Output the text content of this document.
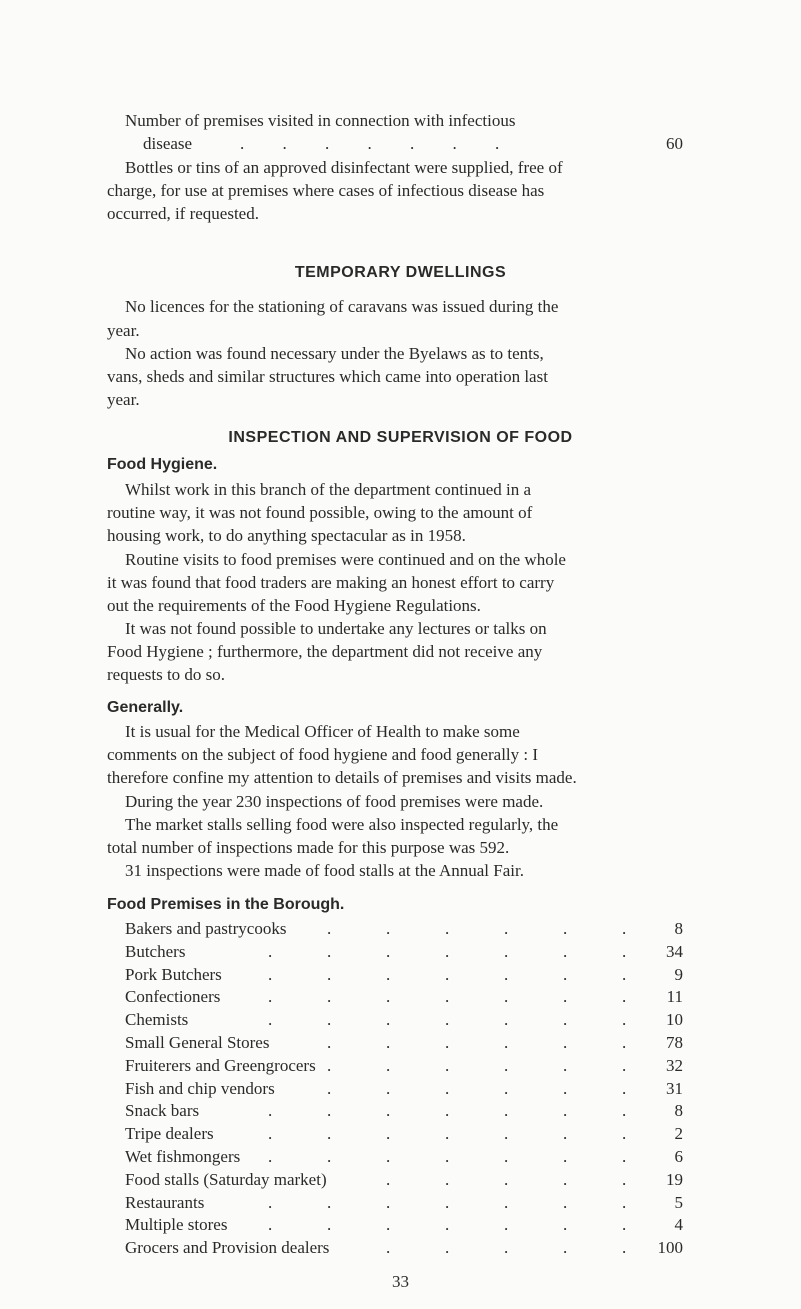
Number of premises visited in connection with infectious
disease	.   .   .   .   .   .   .	60
Bottles or tins of an approved disinfectant were supplied, free of
charge, for use at premises where cases of infectious disease has
occurred, if requested.
TEMPORARY DWELLINGS
No licences for the stationing of caravans was issued during the
year.
No action was found necessary under the Byelaws as to tents,
vans, sheds and similar structures which came into operation last
year.
INSPECTION AND SUPERVISION OF FOOD
Food Hygiene.
Whilst work in this branch of the department continued in a
routine way, it was not found possible, owing to the amount of
housing work, to do anything spectacular as in 1958.
Routine visits to food premises were continued and on the whole
it was found that food traders are making an honest effort to carry
out the requirements of the Food Hygiene Regulations.
It was not found possible to undertake any lectures or talks on
Food Hygiene ; furthermore, the department did not receive any
requests to do so.
Generally.
It is usual for the Medical Officer of Health to make some
comments on the subject of food hygiene and food generally : I
therefore confine my attention to details of premises and visits made.
During the year 230 inspections of food premises were made.
The market stalls selling food were also inspected regularly, the
total number of inspections made for this purpose was 592.
31 inspections were made of food stalls at the Annual Fair.
Food Premises in the Borough.
Bakers and pastrycooks .	.	.	.	.	.	8
Butchers	.	.	.	.	.	.	.	34
Pork Butchers	.	.	.	.	.	.	.	9
Confectioners	.	.	.	.	.	.	.	11
Chemists	.	.	.	.	.	.	.	10
Small General Stores	.	.	.	.	.	.	78
Fruiterers and Greengrocers .	.	.	.	.	.	32
Fish and chip vendors	.	.	.	.	.	.	31
Snack bars	.	.	.	.	.	.	.	8
Tripe dealers	.	.	.	.	.	.	.	2
Wet fishmongers .	.	.	.	.	.	.	6
Food stalls (Saturday market)	.	.	.	.	.	19
Restaurants	.	.	.	.	.	.	.	5
Multiple stores .	.	.	.	.	.	.	4
Grocers and Provision dealers	.	.	.	.	.	100
33
